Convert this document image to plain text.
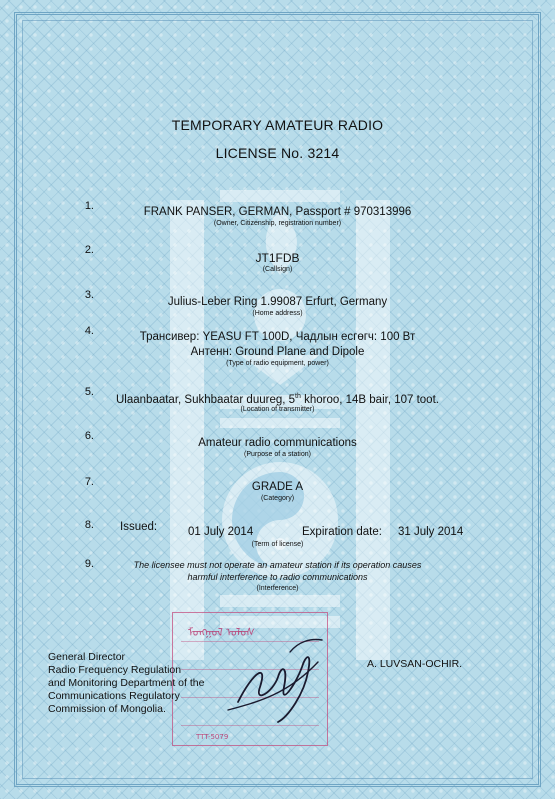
TEMPORARY AMATEUR RADIO
LICENSE No. 3214
1.	FRANK PANSER, GERMAN, Passport # 970313996
(Owner, Citizenship, registration number)
2.
JT1FDB
(Callsign)
3.
Julius-Leber Ring 1.99087 Erfurt, Germany
(Home address)
4.	Трансивер: YEASU FT 100D, Чадлын есгөгч: 100 Вт
Антенн: Ground Plane and Dipole
(Type of radio equipment, power)
5.
Ulaanbaatar, Sukhbaatar duureg, 5th khoroo, 14B bair, 107 toot.
(Location of transmitter)
6.
Amateur radio communications
(Purpose of a station)
7.	GRADE A
(Category)
8. Issued:	01 July 2014	Expiration date: 31 July 2014
(Term of license)
9.	The licensee must not operate an amateur station if its operation causes
harmful interference to radio communications
(Interference)
ᠮᠣᠩᠭᠣᠯ ᠤᠯᠤᠰ
TTT-5079
General Director
Radio Frequency Regulation
and Monitoring Department of the
Communications Regulatory
Commission of Mongolia.
A. LUVSAN-OCHIR.
